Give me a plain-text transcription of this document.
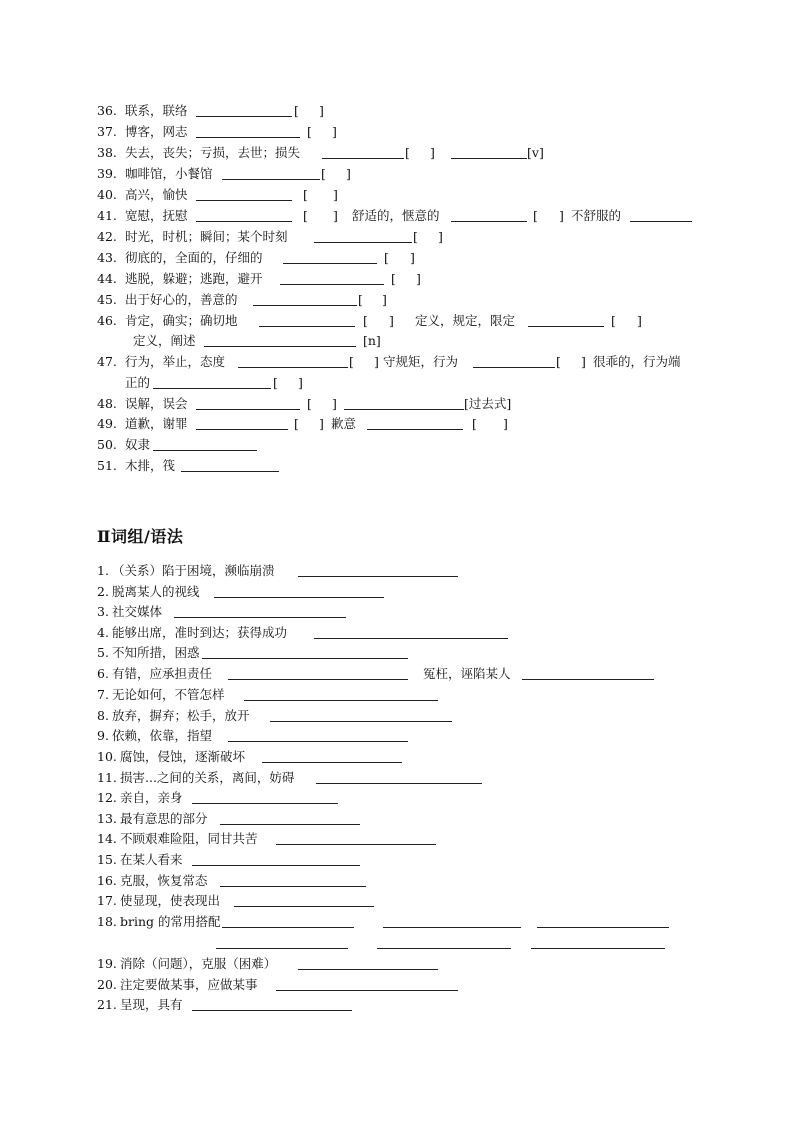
36. 联系，联络	[ ]
37. 博客，网志	[ ]
38. 失去，丧失；亏损，去世；损失	[ ]	[v]
39. 咖啡馆，小餐馆	[ ]
40. 高兴，愉快	[ ]
41. 宽慰，抚慰	[ ] 舒适的，惬意的	[ ] 不舒服的
42. 时光，时机；瞬间；某个时刻	[ ]
43. 彻底的，全面的，仔细的	[ ]
44. 逃脱，躲避；逃跑，避开	[ ]
45. 出于好心的，善意的	[ ]
46. 肯定，确实；确切地	[ ] 定义，规定，限定	[ ]
定义，阐述	[n]
47. 行为，举止，态度	[ ] 守规矩，行为	[ ] 很乖的，行为端
正的	[ ]
48. 误解，误会	[ ]	[过去式]
49. 道歉，谢罪	[ ] 歉意	[ ]
50. 奴隶
51. 木排，筏
Ⅱ词组/语法
1. （关系）陷于困境，濒临崩溃
2. 脱离某人的视线
3. 社交媒体
4. 能够出席，准时到达；获得成功
5. 不知所措，困惑
6. 有错，应承担责任	冤枉，诬陷某人
7. 无论如何，不管怎样
8. 放弃，摒弃；松手，放开
9. 依赖，依靠，指望
10. 腐蚀，侵蚀，逐渐破坏
11. 损害...之间的关系，离间，妨碍
12. 亲自，亲身
13. 最有意思的部分
14. 不顾艰难险阻，同甘共苦
15. 在某人看来
16. 克服，恢复常态
17. 使显现，使表现出
18. bring 的常用搭配
19. 消除（问题），克服（困难）
20. 注定要做某事，应做某事
21. 呈现，具有
